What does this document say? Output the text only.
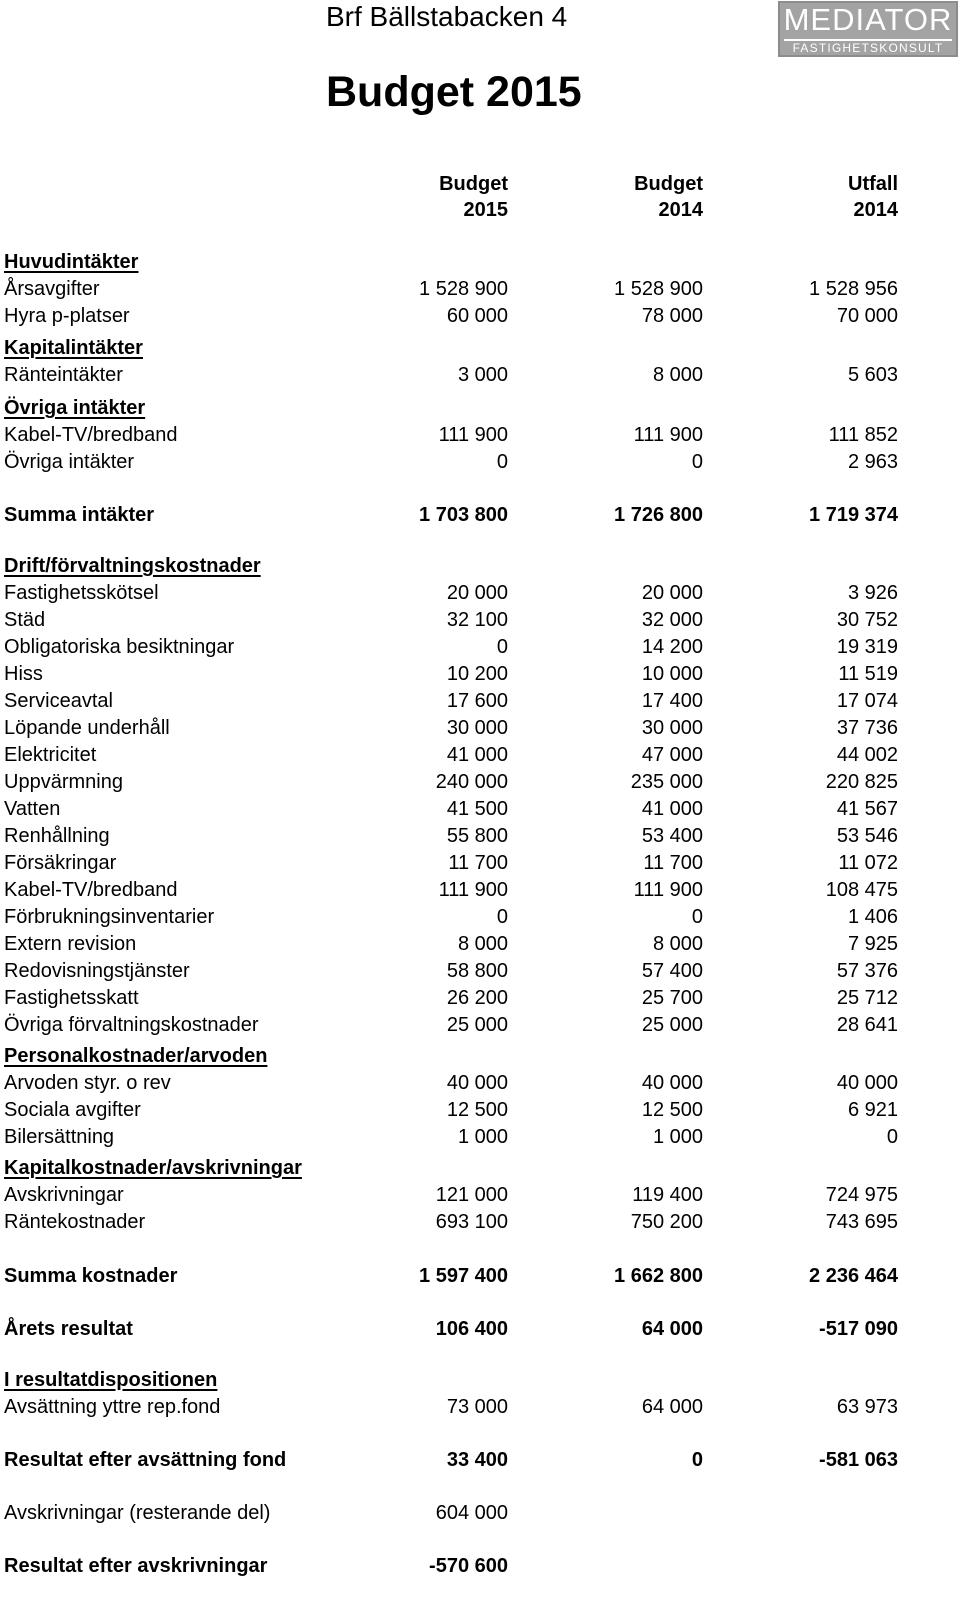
Brf Bällstabacken 4
Budget 2015
MEDIATOR
FASTIGHETSKONSULT
Budget	Budget	Utfall
2015	2014	2014
Huvudintäkter
Årsavgifter	1 528 900	1 528 900	1 528 956
Hyra p-platser	60 000	78 000	70 000
Kapitalintäkter
Ränteintäkter	3 000	8 000	5 603
Övriga intäkter
Kabel-TV/bredband	111 900	111 900	111 852
Övriga intäkter	0	0	2 963
Summa intäkter	1 703 800	1 726 800	1 719 374
Drift/förvaltningskostnader
Fastighetsskötsel	20 000	20 000	3 926
Städ	32 100	32 000	30 752
Obligatoriska besiktningar	0	14 200	19 319
Hiss	10 200	10 000	11 519
Serviceavtal	17 600	17 400	17 074
Löpande underhåll	30 000	30 000	37 736
Elektricitet	41 000	47 000	44 002
Uppvärmning	240 000	235 000	220 825
Vatten	41 500	41 000	41 567
Renhållning	55 800	53 400	53 546
Försäkringar	11 700	11 700	11 072
Kabel-TV/bredband	111 900	111 900	108 475
Förbrukningsinventarier	0	0	1 406
Extern revision	8 000	8 000	7 925
Redovisningstjänster	58 800	57 400	57 376
Fastighetsskatt	26 200	25 700	25 712
Övriga förvaltningskostnader	25 000	25 000	28 641
Personalkostnader/arvoden
Arvoden styr. o rev	40 000	40 000	40 000
Sociala avgifter	12 500	12 500	6 921
Bilersättning	1 000	1 000	0
Kapitalkostnader/avskrivningar
Avskrivningar	121 000	119 400	724 975
Räntekostnader	693 100	750 200	743 695
Summa kostnader	1 597 400	1 662 800	2 236 464
Årets resultat	106 400	64 000	-517 090
I resultatdispositionen
Avsättning yttre rep.fond	73 000	64 000	63 973
Resultat efter avsättning fond	33 400	0	-581 063
Avskrivningar (resterande del)	604 000
Resultat efter avskrivningar	-570 600
